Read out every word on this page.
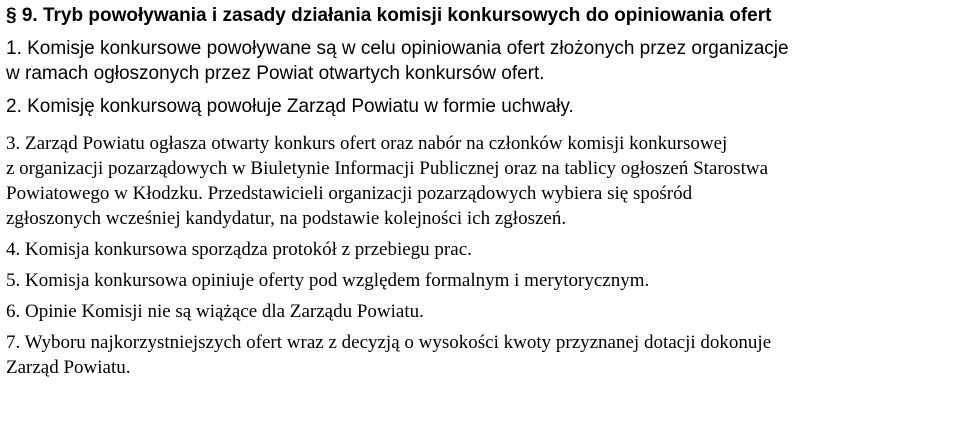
§ 9. Tryb powoływania i zasady działania komisji konkursowych do opiniowania ofert

1. Komisje konkursowe powoływane są w celu opiniowania ofert złożonych przez organizacje
w ramach ogłoszonych przez Powiat otwartych konkursów ofert.

2. Komisję konkursową powołuje Zarząd Powiatu w formie uchwały.

3. Zarząd Powiatu ogłasza otwarty konkurs ofert oraz nabór na członków komisji konkursowej
z organizacji pozarządowych w Biuletynie Informacji Publicznej oraz na tablicy ogłoszeń Starostwa
Powiatowego w Kłodzku. Przedstawicieli organizacji pozarządowych wybiera się spośród
zgłoszonych wcześniej kandydatur, na podstawie kolejności ich zgłoszeń.

4. Komisja konkursowa sporządza protokół z przebiegu prac.

5. Komisja konkursowa opiniuje oferty pod względem formalnym i merytorycznym.

6. Opinie Komisji nie są wiążące dla Zarządu Powiatu.

7. Wyboru najkorzystniejszych ofert wraz z decyzją o wysokości kwoty przyznanej dotacji dokonuje
Zarząd Powiatu.
